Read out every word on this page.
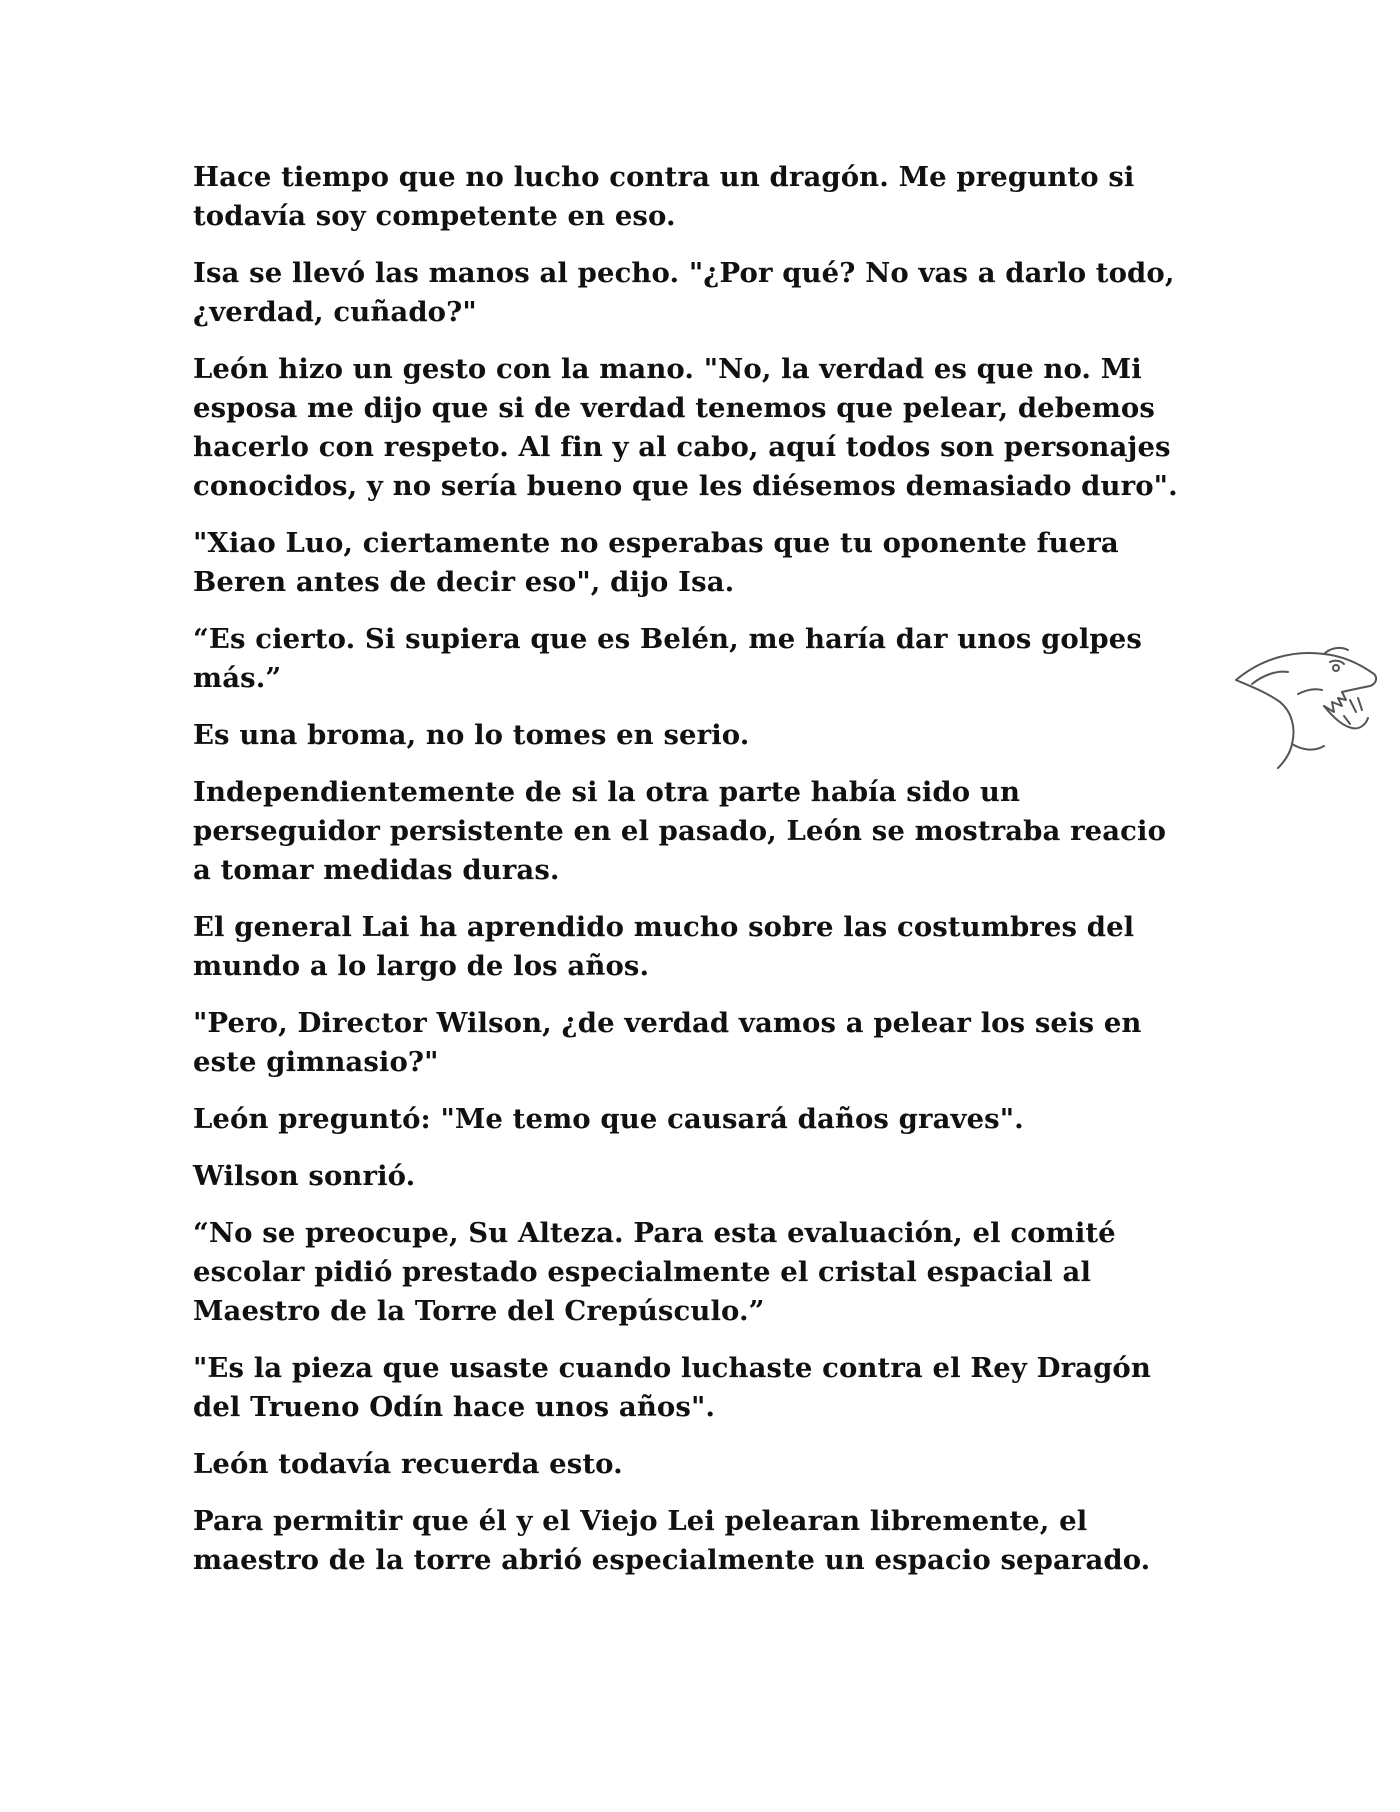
Hace tiempo que no lucho contra un dragón. Me pregunto si
todavía soy competente en eso.

Isa se llevó las manos al pecho. "¿Por qué? No vas a darlo todo,
¿verdad, cuñado?"

León hizo un gesto con la mano. "No, la verdad es que no. Mi
esposa me dijo que si de verdad tenemos que pelear, debemos
hacerlo con respeto. Al fin y al cabo, aquí todos son personajes
conocidos, y no sería bueno que les diésemos demasiado duro".

"Xiao Luo, ciertamente no esperabas que tu oponente fuera
Beren antes de decir eso", dijo Isa.

“Es cierto. Si supiera que es Belén, me haría dar unos golpes
más.”

Es una broma, no lo tomes en serio.

Independientemente de si la otra parte había sido un
perseguidor persistente en el pasado, León se mostraba reacio
a tomar medidas duras.

El general Lai ha aprendido mucho sobre las costumbres del
mundo a lo largo de los años.

"Pero, Director Wilson, ¿de verdad vamos a pelear los seis en
este gimnasio?"

León preguntó: "Me temo que causará daños graves".

Wilson sonrió.

“No se preocupe, Su Alteza. Para esta evaluación, el comité
escolar pidió prestado especialmente el cristal espacial al
Maestro de la Torre del Crepúsculo.”

"Es la pieza que usaste cuando luchaste contra el Rey Dragón
del Trueno Odín hace unos años".

León todavía recuerda esto.

Para permitir que él y el Viejo Lei pelearan libremente, el
maestro de la torre abrió especialmente un espacio separado.
